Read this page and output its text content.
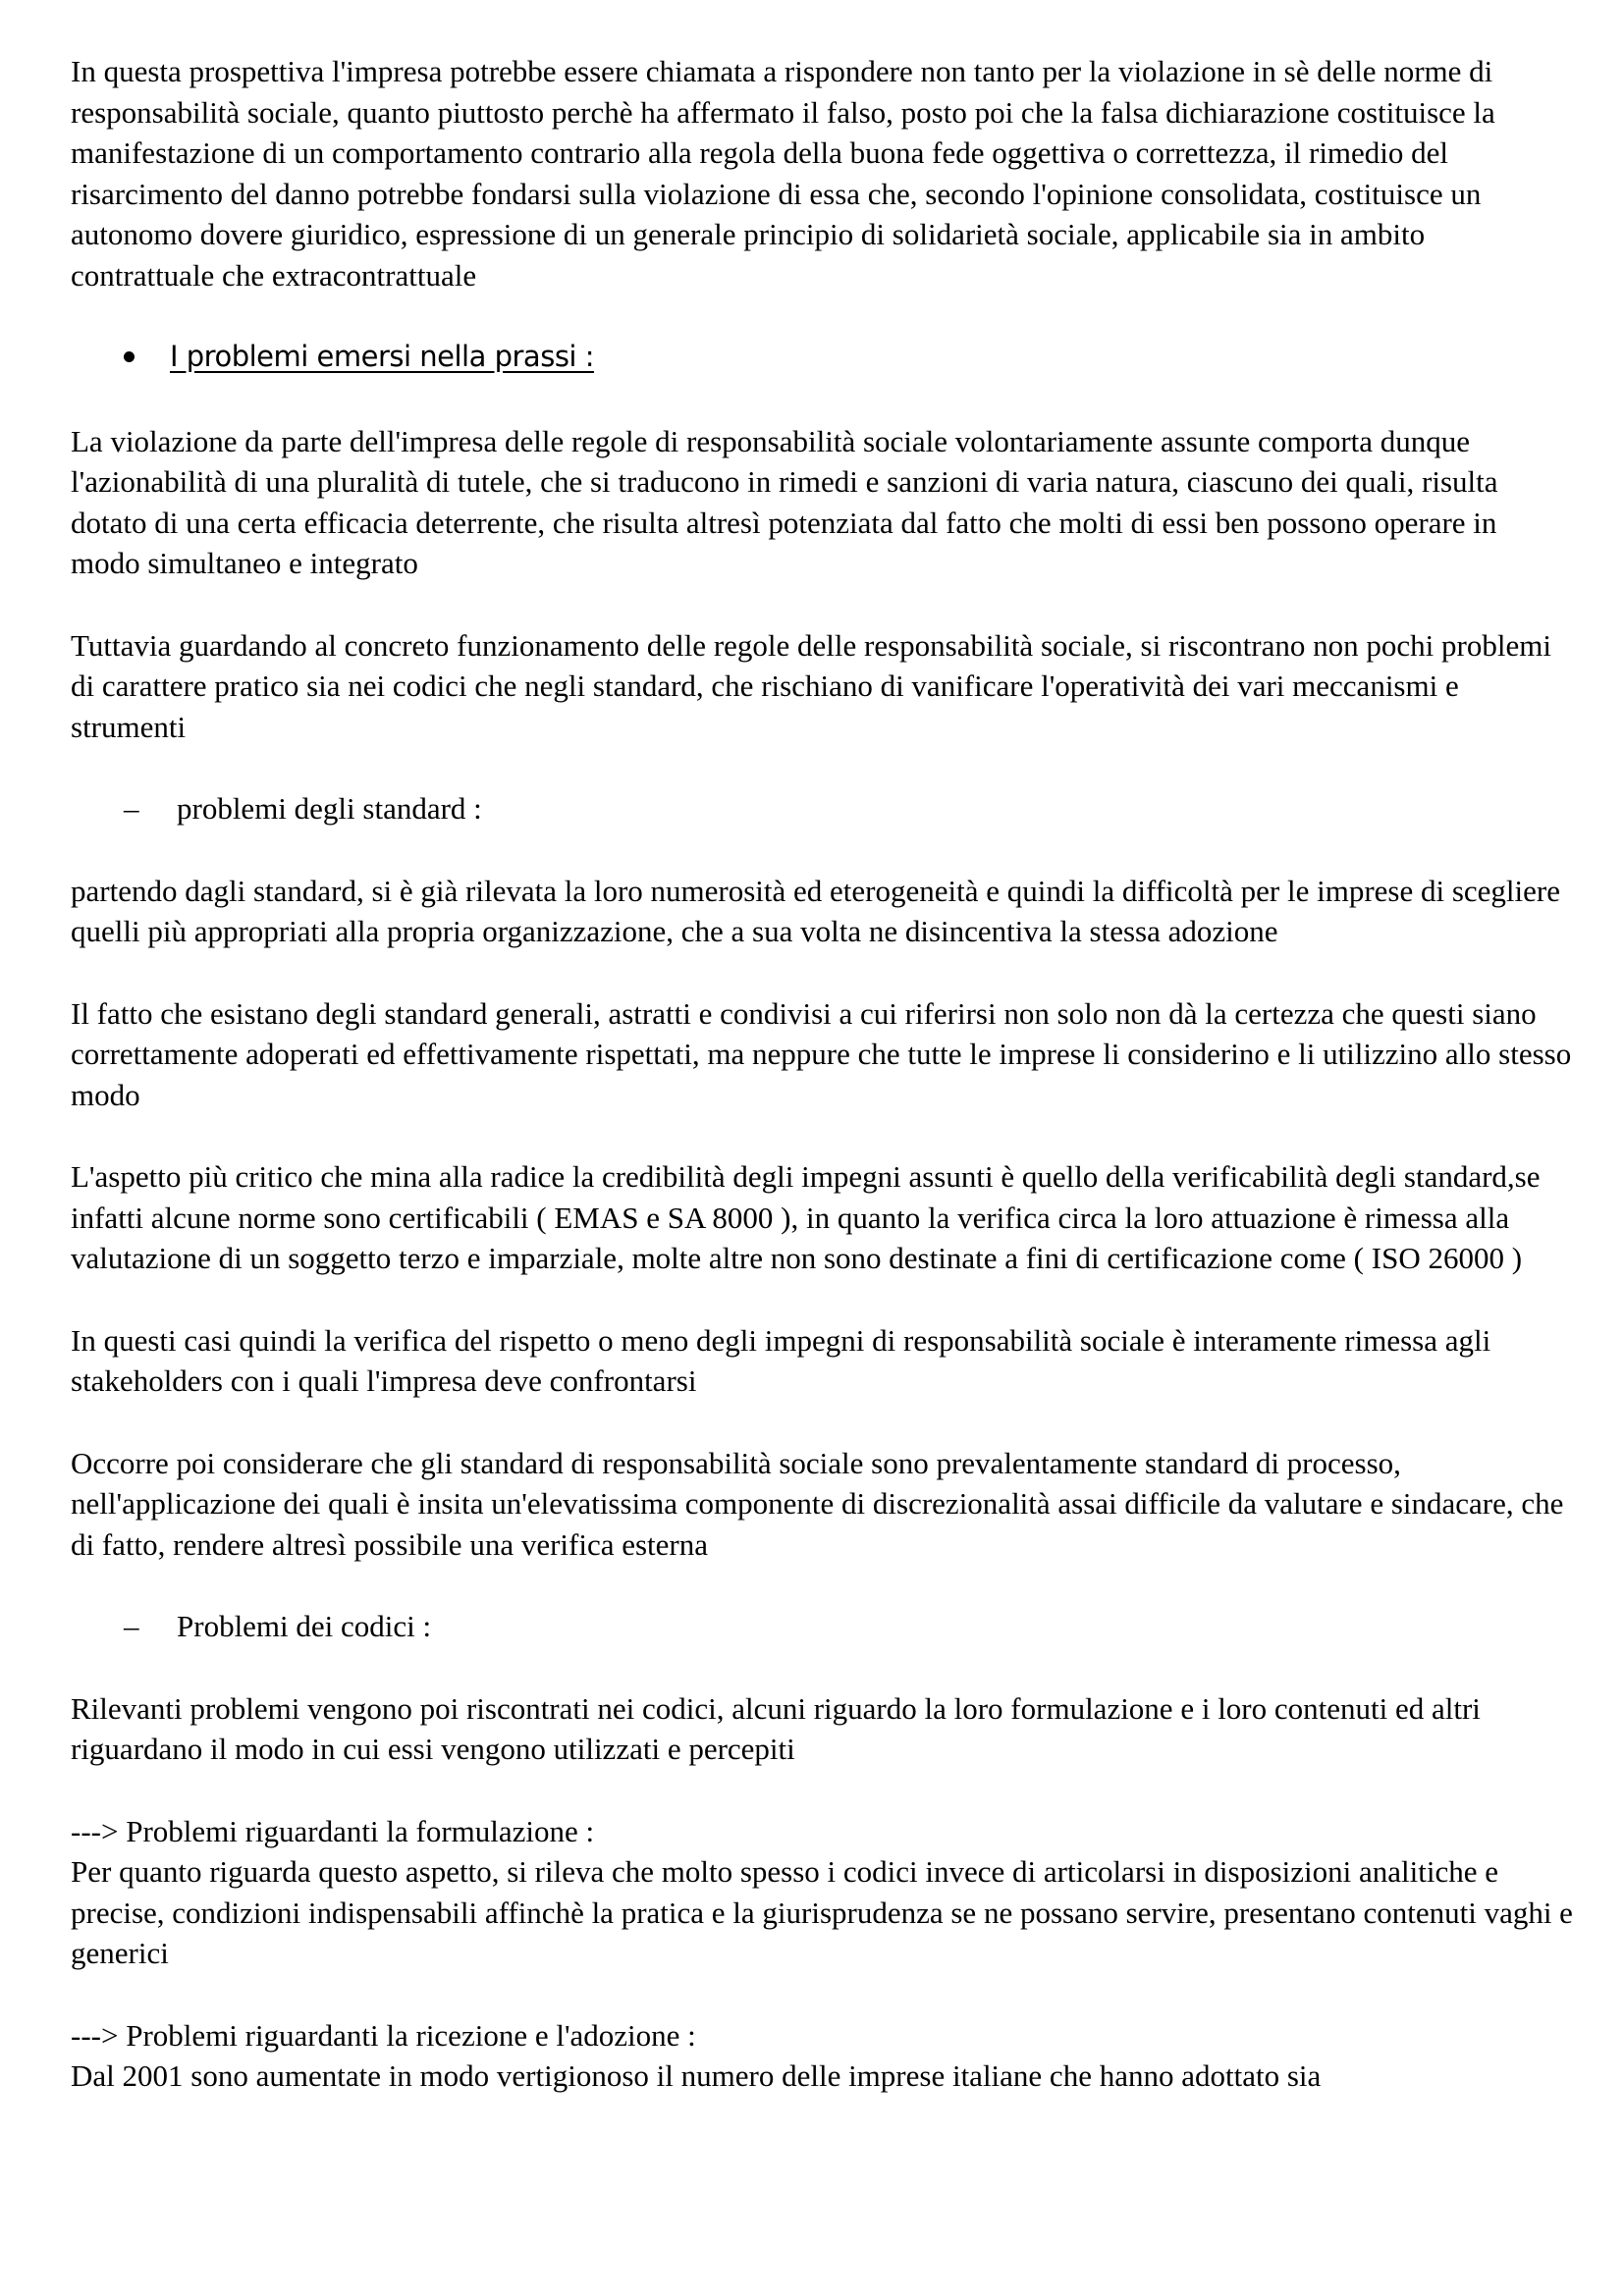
In questa prospettiva l'impresa potrebbe essere chiamata a rispondere non tanto per la violazione in sè delle norme di responsabilità sociale, quanto piuttosto perchè ha affermato il falso, posto poi che la falsa dichiarazione costituisce la manifestazione di un comportamento contrario alla regola della buona fede oggettiva o correttezza, il rimedio del risarcimento del danno potrebbe fondarsi sulla violazione di essa che, secondo l'opinione consolidata, costituisce un autonomo dovere giuridico, espressione di un generale principio di solidarietà sociale, applicabile sia in ambito contrattuale che extracontrattuale

I problemi emersi nella prassi :

La violazione da parte dell'impresa delle regole di responsabilità sociale volontariamente assunte comporta dunque l'azionabilità di una pluralità di tutele, che si traducono in rimedi e sanzioni di varia natura, ciascuno dei quali, risulta dotato di una certa efficacia deterrente, che risulta altresì potenziata dal fatto che molti di essi ben possono operare in modo simultaneo e integrato

Tuttavia guardando al concreto funzionamento delle regole delle responsabilità sociale, si riscontrano non pochi problemi di carattere pratico sia nei codici che negli standard, che rischiano di vanificare l'operatività dei vari meccanismi e strumenti

–	problemi degli standard :

partendo dagli standard, si è già rilevata la loro numerosità ed eterogeneità e quindi la difficoltà per le imprese di scegliere quelli più appropriati alla propria organizzazione, che a sua volta ne disincentiva la stessa adozione

Il fatto che esistano degli standard generali, astratti e condivisi a cui riferirsi non solo non dà la certezza che questi siano correttamente adoperati ed effettivamente rispettati, ma neppure che tutte le imprese li considerino e li utilizzino allo stesso modo

L'aspetto più critico che mina alla radice la credibilità degli impegni assunti è quello della verificabilità degli standard,se infatti alcune norme sono certificabili ( EMAS e SA 8000 ), in quanto la verifica circa la loro attuazione è rimessa alla valutazione di un soggetto terzo e imparziale, molte altre non sono destinate a fini di certificazione come ( ISO 26000 )

In questi casi quindi la verifica del rispetto o meno degli impegni di responsabilità sociale è interamente rimessa agli stakeholders con i quali l'impresa deve confrontarsi

Occorre poi considerare che gli standard di responsabilità sociale sono prevalentamente standard di processo, nell'applicazione dei quali è insita un'elevatissima componente di discrezionalità assai difficile da valutare e sindacare, che di fatto, rendere altresì possibile una verifica esterna

–	Problemi dei codici :

Rilevanti problemi vengono poi riscontrati nei codici, alcuni riguardo la loro formulazione e i loro contenuti ed altri riguardano il modo in cui essi vengono utilizzati e percepiti

---> Problemi riguardanti la formulazione :
Per quanto riguarda questo aspetto, si rileva che molto spesso i codici invece di articolarsi in disposizioni analitiche e precise, condizioni indispensabili affinchè la pratica e la giurisprudenza se ne possano servire, presentano contenuti vaghi e generici
---> Problemi riguardanti la ricezione e l'adozione :
Dal 2001 sono aumentate in modo vertigionoso il numero delle imprese italiane che hanno adottato sia
